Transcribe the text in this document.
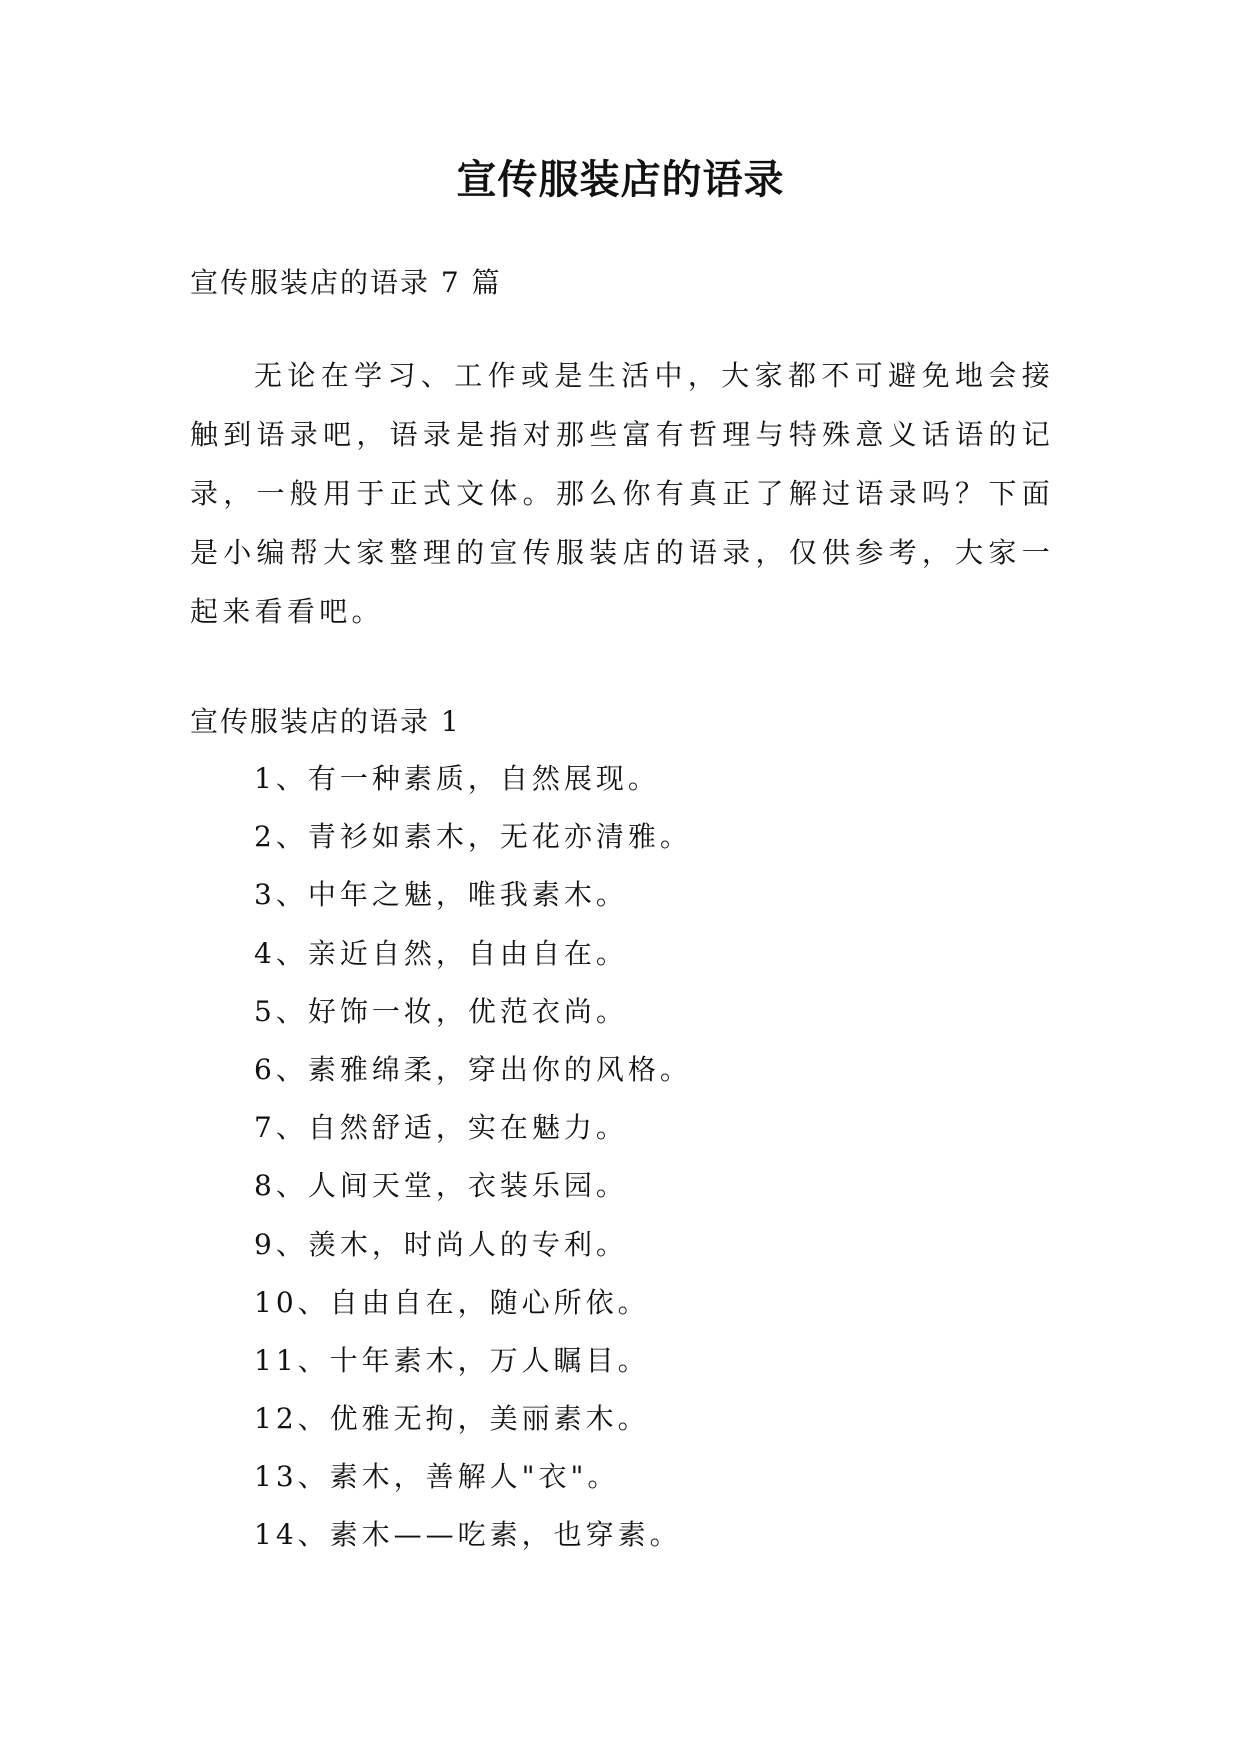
宣传服装店的语录
宣传服装店的语录 7 篇

无论在学习、工作或是生活中，大家都不可避免地会接触到语录吧，语录是指对那些富有哲理与特殊意义话语的记录，一般用于正式文体。那么你有真正了解过语录吗？下面是小编帮大家整理的宣传服装店的语录，仅供参考，大家一起来看看吧。

宣传服装店的语录 1
1、有一种素质，自然展现。
2、青衫如素木，无花亦清雅。
3、中年之魅，唯我素木。
4、亲近自然，自由自在。
5、好饰一妆，优范衣尚。
6、素雅绵柔，穿出你的风格。
7、自然舒适，实在魅力。
8、人间天堂，衣装乐园。
9、羡木，时尚人的专利。
10、自由自在，随心所依。
11、十年素木，万人瞩目。
12、优雅无拘，美丽素木。
13、素木，善解人"衣"。
14、素木——吃素，也穿素。
